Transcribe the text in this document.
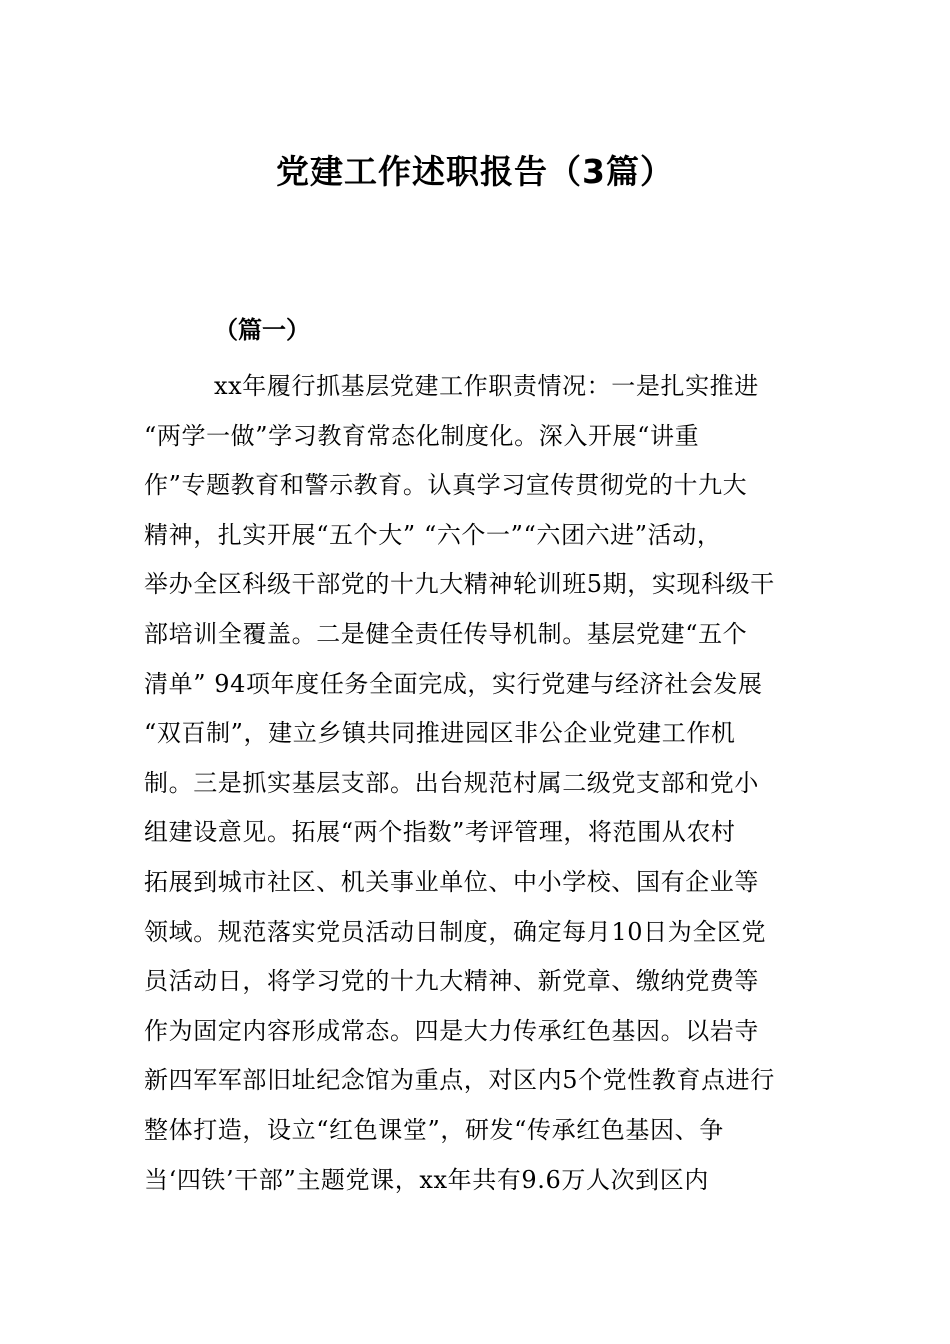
党建工作述职报告（3篇）
（篇一）
xx年履行抓基层党建工作职责情况：一是扎实推进
“两学一做”学习教育常态化制度化。深入开展“讲重
作”专题教育和警示教育。认真学习宣传贯彻党的十九大
精神，扎实开展“五个大” “六个一”“六团六进”活动，
举办全区科级干部党的十九大精神轮训班5期，实现科级干
部培训全覆盖。二是健全责任传导机制。基层党建“五个
清单” 94项年度任务全面完成，实行党建与经济社会发展
“双百制”，建立乡镇共同推进园区非公企业党建工作机
制。三是抓实基层支部。出台规范村属二级党支部和党小
组建设意见。拓展“两个指数”考评管理，将范围从农村
拓展到城市社区、机关事业单位、中小学校、国有企业等
领域。规范落实党员活动日制度，确定每月10日为全区党
员活动日，将学习党的十九大精神、新党章、缴纳党费等
作为固定内容形成常态。四是大力传承红色基因。以岩寺
新四军军部旧址纪念馆为重点，对区内5个党性教育点进行
整体打造，设立“红色课堂”，研发“传承红色基因、争
当‘四铁’干部”主题党课，xx年共有9.6万人次到区内
